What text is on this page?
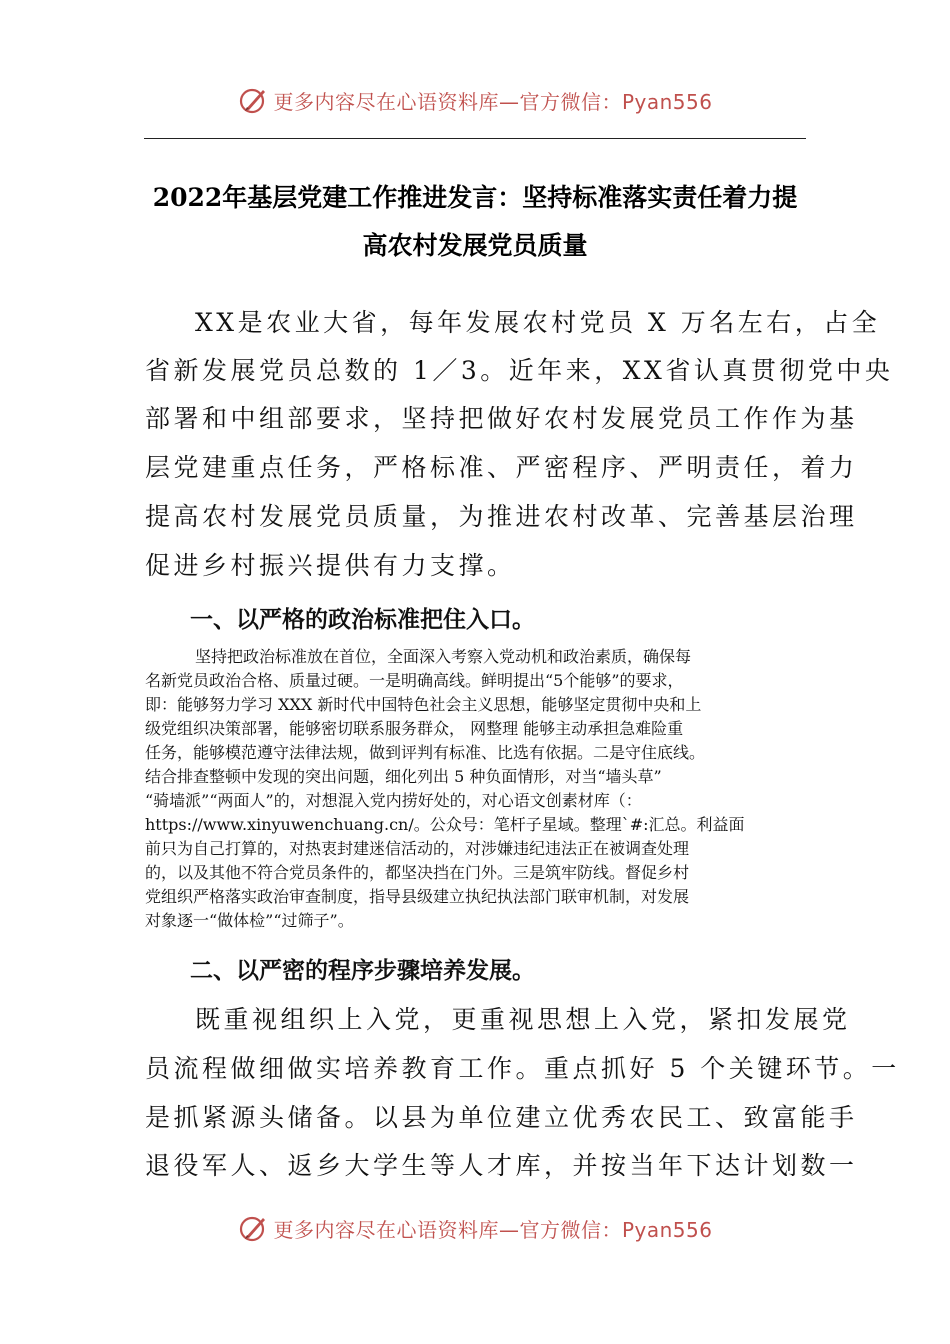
更多内容尽在心语资料库—官方微信：Pyan556
2022年基层党建工作推进发言：坚持标准落实责任着力提
高农村发展党员质量
XX是农业大省，每年发展农村党员 X 万名左右，占全
省新发展党员总数的 1／3。近年来，XX省认真贯彻党中央
部署和中组部要求，坚持把做好农村发展党员工作作为基
层党建重点任务，严格标准、严密程序、严明责任，着力
提高农村发展党员质量，为推进农村改革、完善基层治理
促进乡村振兴提供有力支撑。
一、以严格的政治标准把住入口。
坚持把政治标准放在首位，全面深入考察入党动机和政治素质，确保每
名新党员政治合格、质量过硬。一是明确高线。鲜明提出“5个能够”的要求，
即：能够努力学习 XXX 新时代中国特色社会主义思想，能够坚定贯彻中央和上
级党组织决策部署，能够密切联系服务群众， 网整理 能够主动承担急难险重
任务，能够模范遵守法律法规，做到评判有标准、比选有依据。二是守住底线。
结合排查整顿中发现的突出问题，细化列出 5 种负面情形，对当“墙头草”
“骑墙派”“两面人”的，对想混入党内捞好处的，对心语文创素材库（：
https://www.xinyuwenchuang.cn/。公众号：笔杆子星域。整理`#:汇总。利益面
前只为自己打算的，对热衷封建迷信活动的，对涉嫌违纪违法正在被调查处理
的，以及其他不符合党员条件的，都坚决挡在门外。三是筑牢防线。督促乡村
党组织严格落实政治审查制度，指导县级建立执纪执法部门联审机制，对发展
对象逐一“做体检”“过筛子”。
二、以严密的程序步骤培养发展。
既重视组织上入党，更重视思想上入党，紧扣发展党
员流程做细做实培养教育工作。重点抓好 5 个关键环节。一
是抓紧源头储备。以县为单位建立优秀农民工、致富能手
退役军人、返乡大学生等人才库，并按当年下达计划数一
更多内容尽在心语资料库—官方微信：Pyan556
